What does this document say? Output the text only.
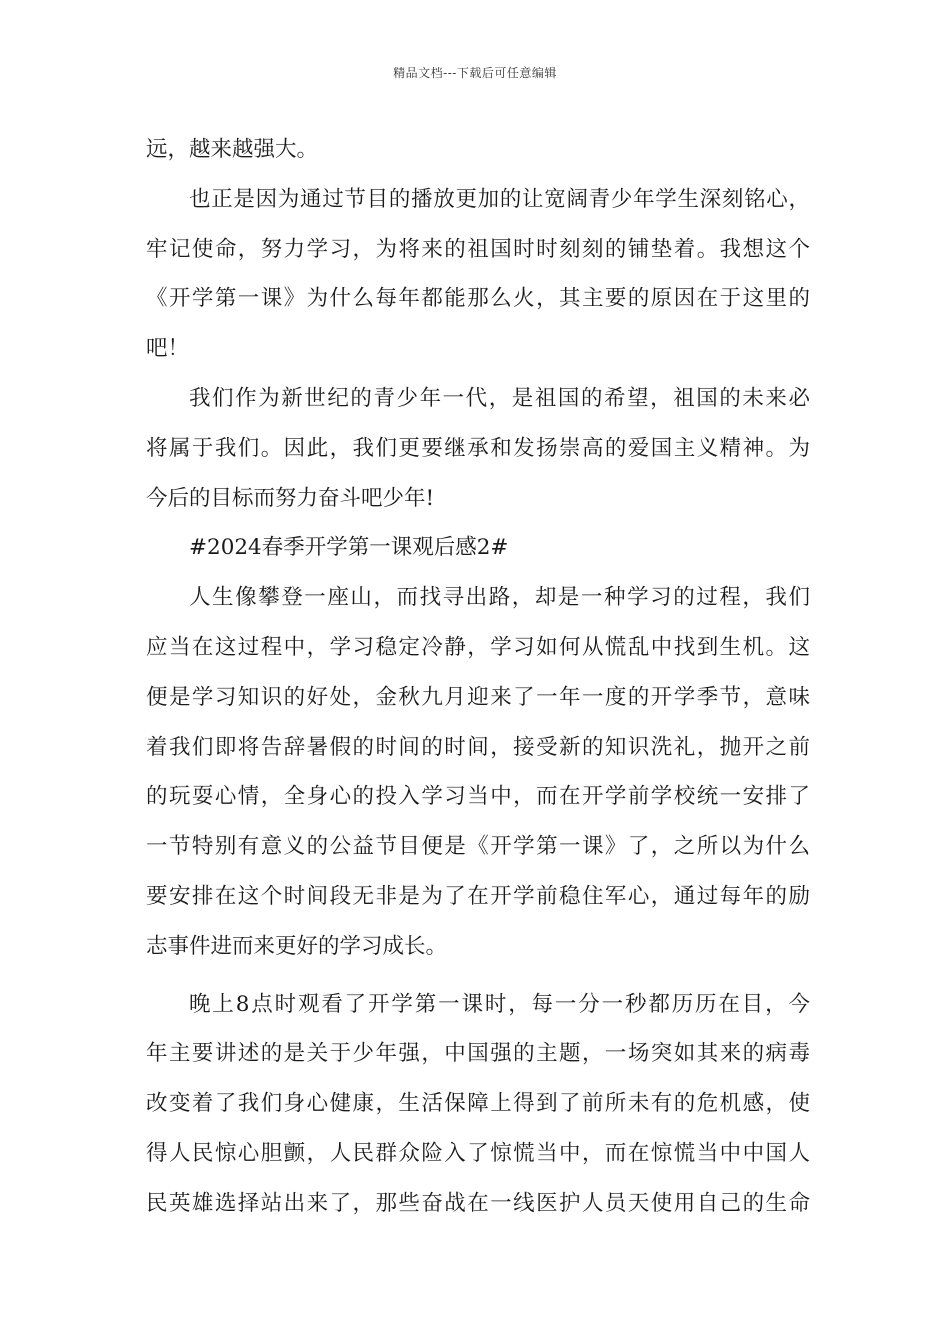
精品文档---下载后可任意编辑
远，越来越强大。
也正是因为通过节目的播放更加的让宽阔青少年学生深刻铭心，
牢记使命，努力学习，为将来的祖国时时刻刻的铺垫着。我想这个
《开学第一课》为什么每年都能那么火，其主要的原因在于这里的
吧！
我们作为新世纪的青少年一代，是祖国的希望，祖国的未来必
将属于我们。因此，我们更要继承和发扬崇高的爱国主义精神。为
今后的目标而努力奋斗吧少年!
#2024春季开学第一课观后感2#
人生像攀登一座山，而找寻出路，却是一种学习的过程，我们
应当在这过程中，学习稳定冷静，学习如何从慌乱中找到生机。这
便是学习知识的好处，金秋九月迎来了一年一度的开学季节，意味
着我们即将告辞暑假的时间的时间，接受新的知识洗礼，抛开之前
的玩耍心情，全身心的投入学习当中，而在开学前学校统一安排了
一节特别有意义的公益节目便是《开学第一课》了，之所以为什么
要安排在这个时间段无非是为了在开学前稳住军心，通过每年的励
志事件进而来更好的学习成长。
晚上8点时观看了开学第一课时，每一分一秒都历历在目，今
年主要讲述的是关于少年强，中国强的主题，一场突如其来的病毒
改变着了我们身心健康，生活保障上得到了前所未有的危机感，使
得人民惊心胆颤，人民群众险入了惊慌当中，而在惊慌当中中国人
民英雄选择站出来了，那些奋战在一线医护人员天使用自己的生命
